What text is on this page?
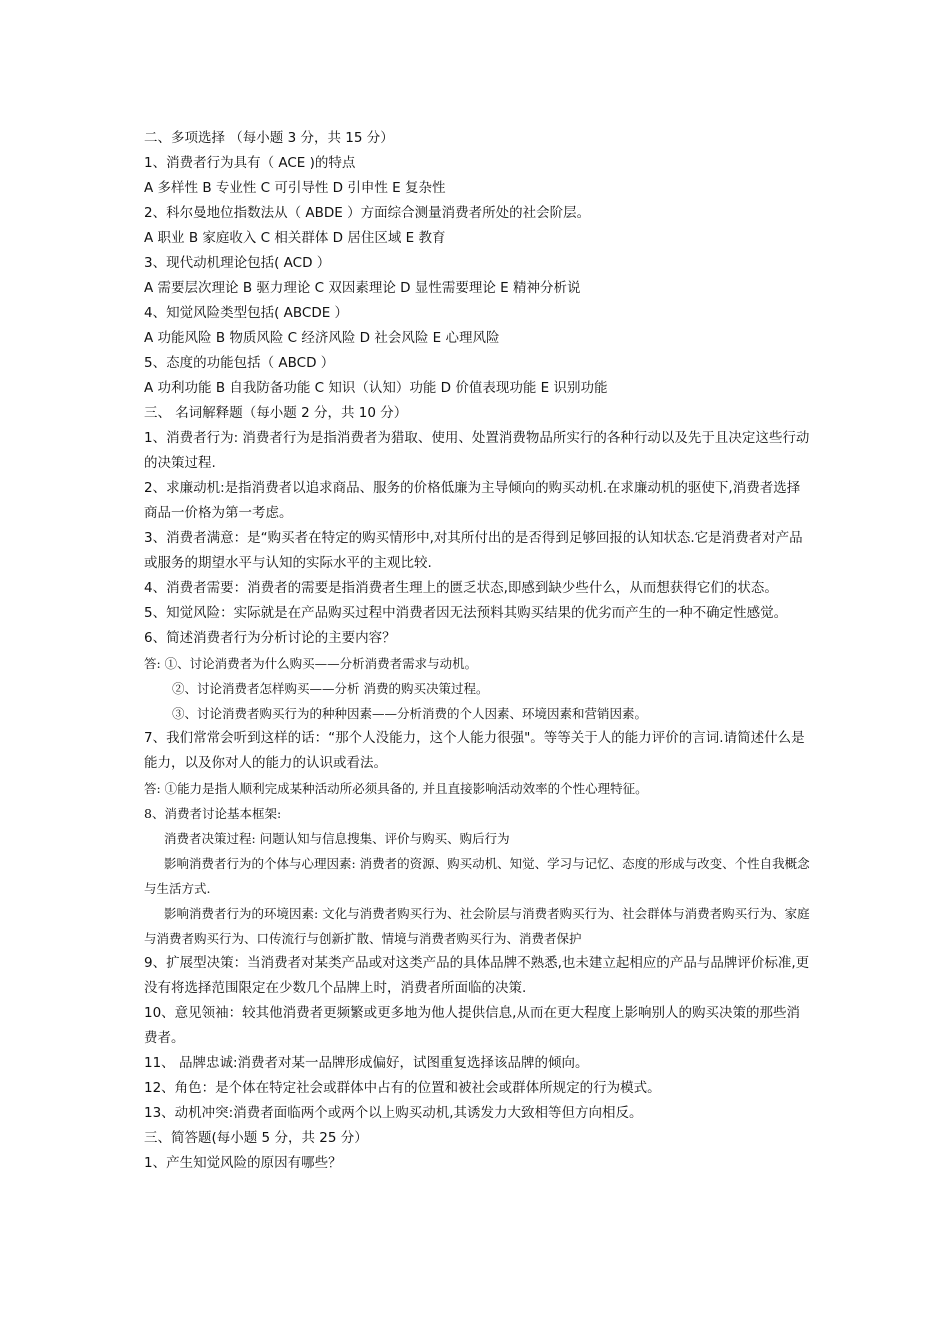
二、多项选择 （每小题 3 分，共 15 分）
1、消费者行为具有（ ACE )的特点
A 多样性 B 专业性 C 可引导性 D 引申性 E 复杂性
2、科尔曼地位指数法从（ ABDE ）方面综合测量消费者所处的社会阶层。
A 职业 B 家庭收入 C 相关群体 D 居住区域 E 教育
3、现代动机理论包括( ACD ）
A 需要层次理论 B 驱力理论 C 双因素理论 D 显性需要理论 E 精神分析说
4、知觉风险类型包括( ABCDE ）
A 功能风险 B 物质风险 C 经济风险 D 社会风险 E 心理风险
5、态度的功能包括（ ABCD ）
A 功利功能 B 自我防备功能 C 知识（认知）功能 D 价值表现功能 E 识别功能
三、 名词解释题（每小题 2 分，共 10 分）
1、消费者行为: 消费者行为是指消费者为猎取、使用、处置消费物品所实行的各种行动以及先于且决定这些行动的决策过程.
2、求廉动机:是指消费者以追求商品、服务的价格低廉为主导倾向的购买动机.在求廉动机的驱使下,消费者选择商品一价格为第一考虑。
3、消费者满意：是“购买者在特定的购买情形中,对其所付出的是否得到足够回报的认知状态.它是消费者对产品或服务的期望水平与认知的实际水平的主观比较.
4、消费者需要：消费者的需要是指消费者生理上的匮乏状态,即感到缺少些什么，从而想获得它们的状态。
5、知觉风险：实际就是在产品购买过程中消费者因无法预料其购买结果的优劣而产生的一种不确定性感觉。
6、简述消费者行为分析讨论的主要内容？
答: ①、讨论消费者为什么购买——分析消费者需求与动机。
②、讨论消费者怎样购买——分析 消费的购买决策过程。
③、讨论消费者购买行为的种种因素——分析消费的个人因素、环境因素和营销因素。
7、我们常常会听到这样的话：“那个人没能力，这个人能力很强"。等等关于人的能力评价的言词.请简述什么是能力，以及你对人的能力的认识或看法。
答: ①能力是指人顺利完成某种活动所必须具备的, 并且直接影响活动效率的个性心理特征。
8、消费者讨论基本框架:
消费者决策过程: 问题认知与信息搜集、评价与购买、购后行为
影响消费者行为的个体与心理因素: 消费者的资源、购买动机、知觉、学习与记忆、态度的形成与改变、个性自我概念与生活方式.
影响消费者行为的环境因素: 文化与消费者购买行为、社会阶层与消费者购买行为、社会群体与消费者购买行为、家庭与消费者购买行为、口传流行与创新扩散、情境与消费者购买行为、消费者保护
9、扩展型决策：当消费者对某类产品或对这类产品的具体品牌不熟悉,也未建立起相应的产品与品牌评价标准,更没有将选择范围限定在少数几个品牌上时，消费者所面临的决策.
10、意见领袖：较其他消费者更频繁或更多地为他人提供信息,从而在更大程度上影响别人的购买决策的那些消费者。
11、 品牌忠诚:消费者对某一品牌形成偏好，试图重复选择该品牌的倾向。
12、角色：是个体在特定社会或群体中占有的位置和被社会或群体所规定的行为模式。
13、动机冲突:消费者面临两个或两个以上购买动机,其诱发力大致相等但方向相反。
三、简答题(每小题 5 分，共 25 分）
1、产生知觉风险的原因有哪些？
